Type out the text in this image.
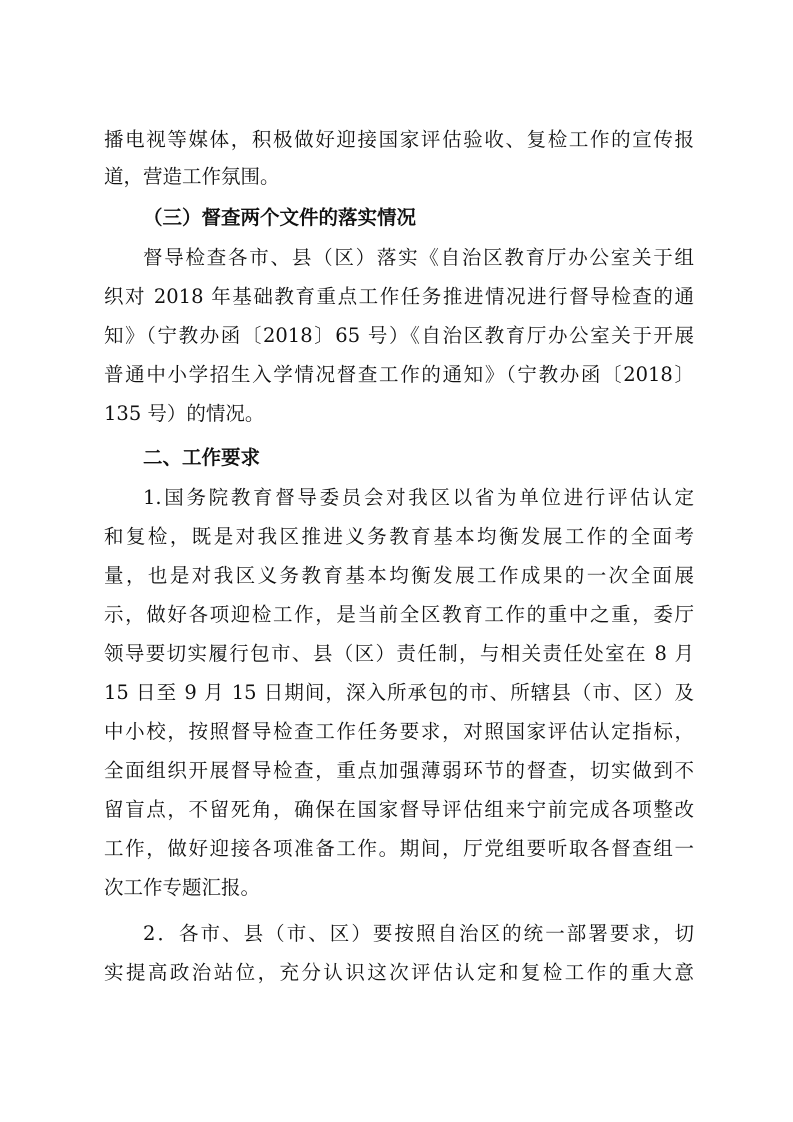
播电视等媒体，积极做好迎接国家评估验收、复检工作的宣传报
道，营造工作氛围。
（三）督查两个文件的落实情况
督导检查各市、县（区）落实《自治区教育厅办公室关于组
织对 2018 年基础教育重点工作任务推进情况进行督导检查的通
知》（宁教办函〔2018〕65 号）《自治区教育厅办公室关于开展
普通中小学招生入学情况督查工作的通知》（宁教办函〔2018〕
135 号）的情况。
二、工作要求
1.国务院教育督导委员会对我区以省为单位进行评估认定
和复检，既是对我区推进义务教育基本均衡发展工作的全面考
量，也是对我区义务教育基本均衡发展工作成果的一次全面展
示，做好各项迎检工作，是当前全区教育工作的重中之重，委厅
领导要切实履行包市、县（区）责任制，与相关责任处室在 8 月
15 日至 9 月 15 日期间，深入所承包的市、所辖县（市、区）及
中小校，按照督导检查工作任务要求，对照国家评估认定指标，
全面组织开展督导检查，重点加强薄弱环节的督查，切实做到不
留盲点，不留死角，确保在国家督导评估组来宁前完成各项整改
工作，做好迎接各项准备工作。期间，厅党组要听取各督查组一
次工作专题汇报。
2．各市、县（市、区）要按照自治区的统一部署要求，切
实提高政治站位，充分认识这次评估认定和复检工作的重大意
